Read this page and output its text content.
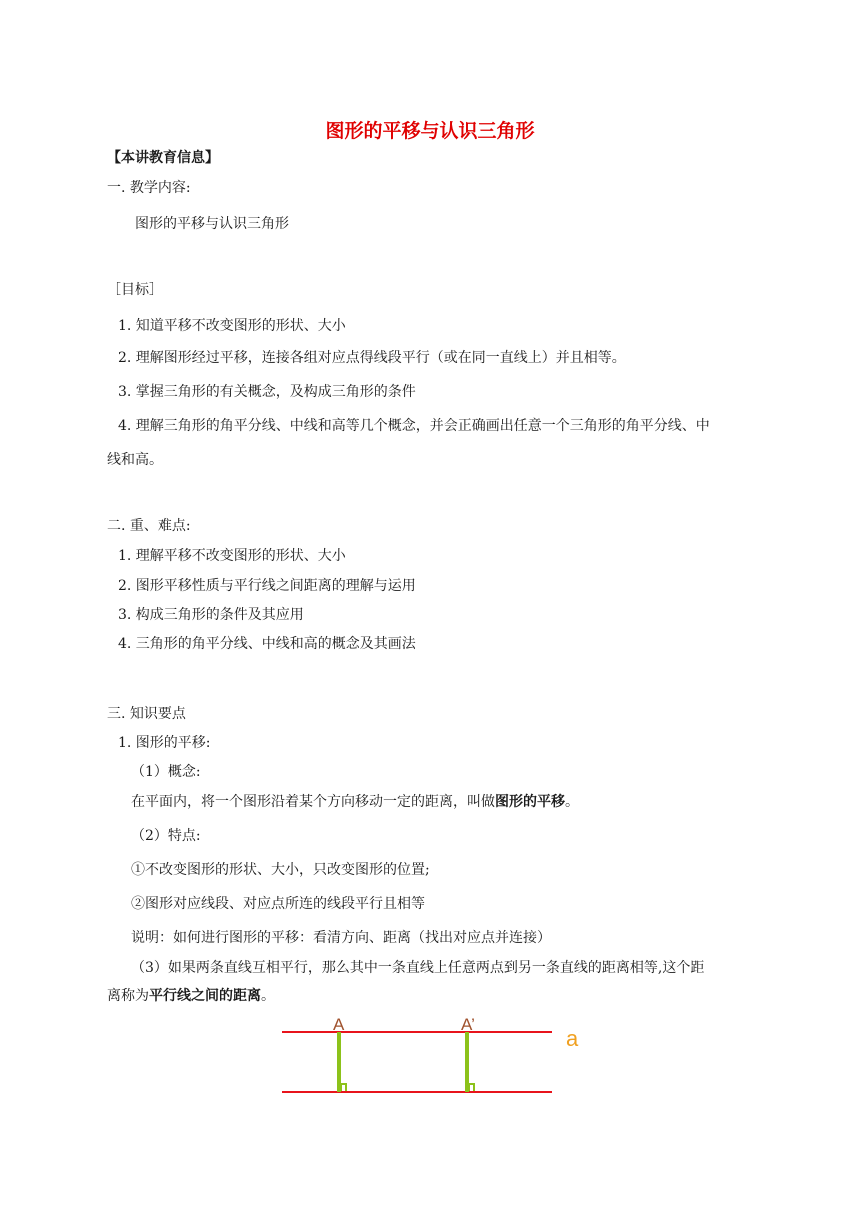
图形的平移与认识三角形
【本讲教育信息】
一. 教学内容:
图形的平移与认识三角形
［目标］
1. 知道平移不改变图形的形状、大小
2. 理解图形经过平移，连接各组对应点得线段平行（或在同一直线上）并且相等。
3. 掌握三角形的有关概念，及构成三角形的条件
4. 理解三角形的角平分线、中线和高等几个概念，并会正确画出任意一个三角形的角平分线、中
线和高。
二. 重、难点:
1. 理解平移不改变图形的形状、大小
2. 图形平移性质与平行线之间距离的理解与运用
3. 构成三角形的条件及其应用
4. 三角形的角平分线、中线和高的概念及其画法
三. 知识要点
1. 图形的平移:
（1）概念:
在平面内，将一个图形沿着某个方向移动一定的距离，叫做图形的平移。
（2）特点:
①不改变图形的形状、大小，只改变图形的位置;
②图形对应线段、对应点所连的线段平行且相等
说明：如何进行图形的平移：看清方向、距离（找出对应点并连接）
（3）如果两条直线互相平行，那么其中一条直线上任意两点到另一条直线的距离相等,这个距
离称为平行线之间的距离。
A	A’
a
